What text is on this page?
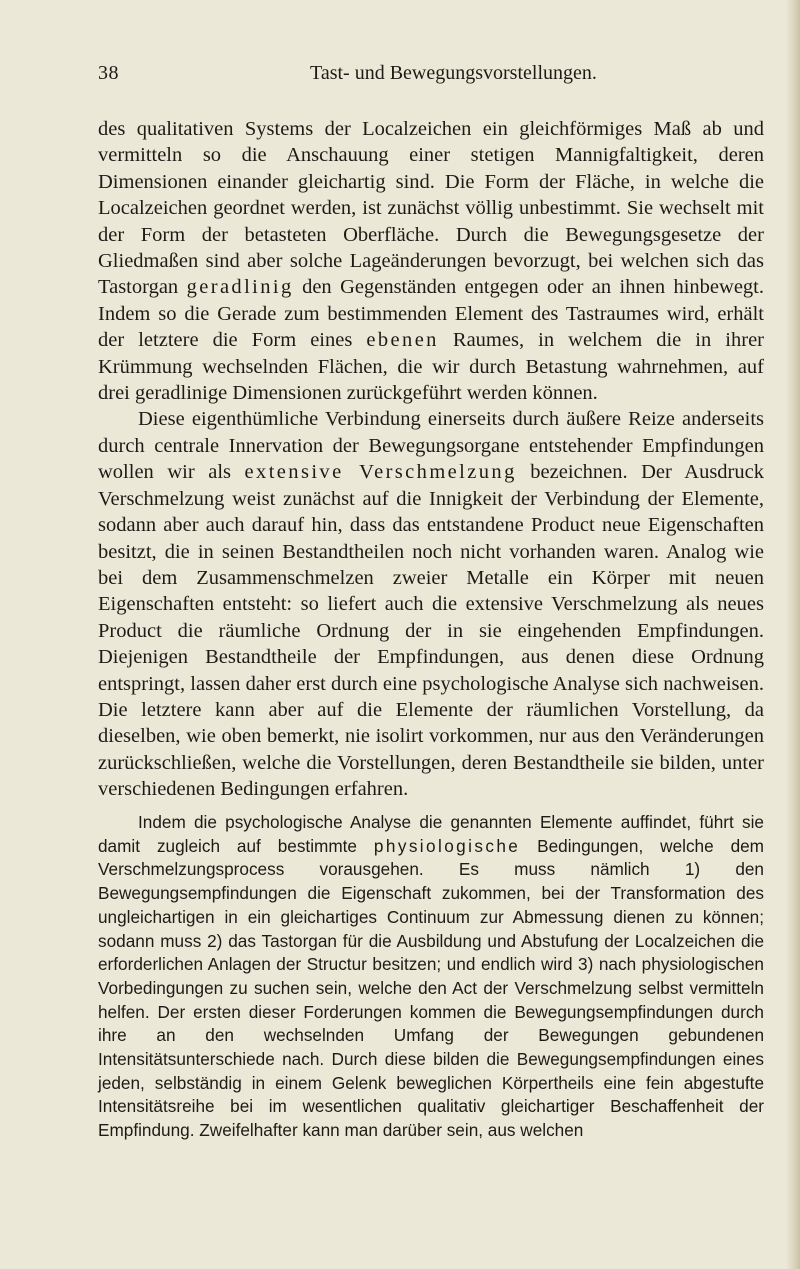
38	Tast- und Bewegungsvorstellungen.

des qualitativen Systems der Localzeichen ein gleichförmiges Maß ab und vermitteln so die Anschauung einer stetigen Mannigfaltigkeit, deren Dimensionen einander gleichartig sind. Die Form der Fläche, in welche die Localzeichen geordnet werden, ist zunächst völlig unbestimmt. Sie wechselt mit der Form der betasteten Oberfläche. Durch die Bewegungsgesetze der Gliedmaßen sind aber solche Lageänderungen bevorzugt, bei welchen sich das Tastorgan geradlinig den Gegenständen entgegen oder an ihnen hinbewegt. Indem so die Gerade zum bestimmenden Element des Tastraumes wird, erhält der letztere die Form eines ebenen Raumes, in welchem die in ihrer Krümmung wechselnden Flächen, die wir durch Betastung wahrnehmen, auf drei geradlinige Dimensionen zurückgeführt werden können.

Diese eigenthümliche Verbindung einerseits durch äußere Reize anderseits durch centrale Innervation der Bewegungsorgane entstehender Empfindungen wollen wir als extensive Verschmelzung bezeichnen. Der Ausdruck Verschmelzung weist zunächst auf die Innigkeit der Verbindung der Elemente, sodann aber auch darauf hin, dass das entstandene Product neue Eigenschaften besitzt, die in seinen Bestandtheilen noch nicht vorhanden waren. Analog wie bei dem Zusammenschmelzen zweier Metalle ein Körper mit neuen Eigenschaften entsteht: so liefert auch die extensive Verschmelzung als neues Product die räumliche Ordnung der in sie eingehenden Empfindungen. Diejenigen Bestandtheile der Empfindungen, aus denen diese Ordnung entspringt, lassen daher erst durch eine psychologische Analyse sich nachweisen. Die letztere kann aber auf die Elemente der räumlichen Vorstellung, da dieselben, wie oben bemerkt, nie isolirt vorkommen, nur aus den Veränderungen zurückschließen, welche die Vorstellungen, deren Bestandtheile sie bilden, unter verschiedenen Bedingungen erfahren.

Indem die psychologische Analyse die genannten Elemente auffindet, führt sie damit zugleich auf bestimmte physiologische Bedingungen, welche dem Verschmelzungsprocess vorausgehen. Es muss nämlich 1) den Bewegungsempfindungen die Eigenschaft zukommen, bei der Transformation des ungleichartigen in ein gleichartiges Continuum zur Abmessung dienen zu können; sodann muss 2) das Tastorgan für die Ausbildung und Abstufung der Localzeichen die erforderlichen Anlagen der Structur besitzen; und endlich wird 3) nach physiologischen Vorbedingungen zu suchen sein, welche den Act der Verschmelzung selbst vermitteln helfen. Der ersten dieser Forderungen kommen die Bewegungsempfindungen durch ihre an den wechselnden Umfang der Bewegungen gebundenen Intensitätsunterschiede nach. Durch diese bilden die Bewegungsempfindungen eines jeden, selbständig in einem Gelenk beweglichen Körpertheils eine fein abgestufte Intensitätsreihe bei im wesentlichen qualitativ gleichartiger Beschaffenheit der Empfindung. Zweifelhafter kann man darüber sein, aus welchen
